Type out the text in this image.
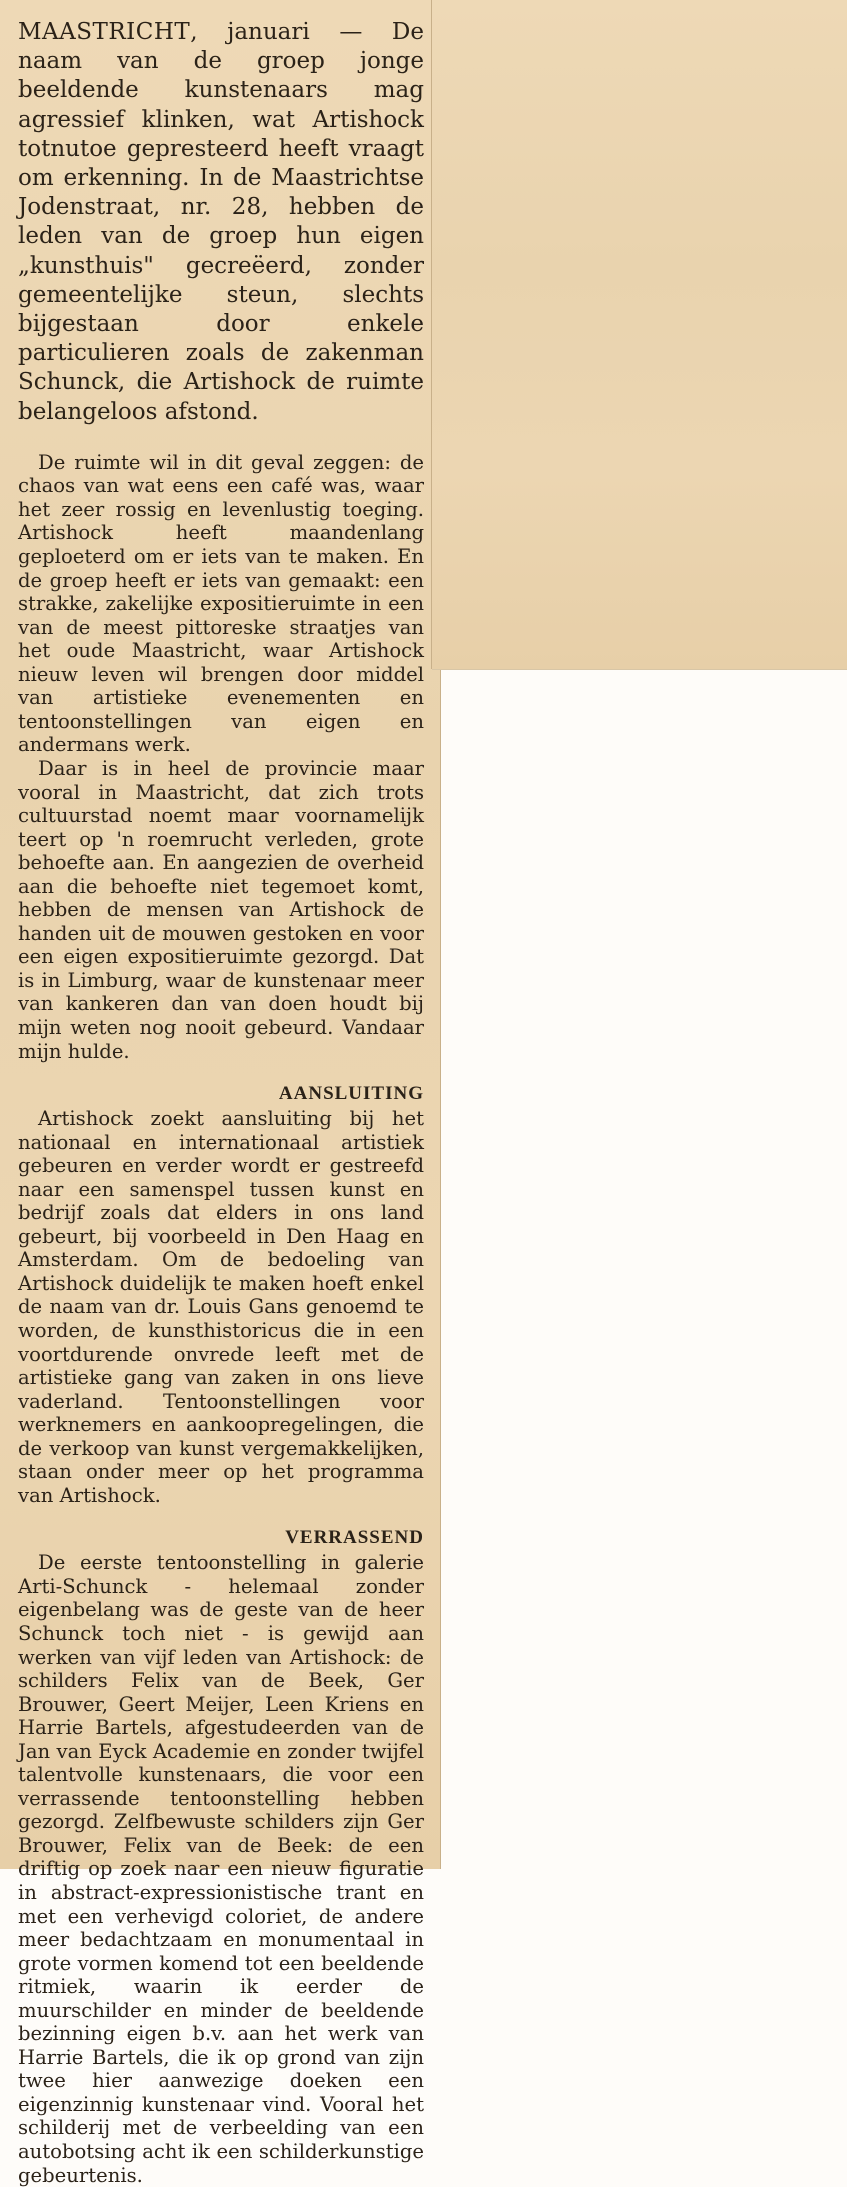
MAASTRICHT, januari — De naam van de groep jonge beeldende kunstenaars mag agressief klinken, wat Artishock totnutoe gepresteerd heeft vraagt om erkenning. In de Maastrichtse Jodenstraat, nr. 28, hebben de leden van de groep hun eigen „kunsthuis" gecreëerd, zonder gemeentelijke steun, slechts bijgestaan door enkele particulieren zoals de zakenman Schunck, die Artishock de ruimte belangeloos afstond.

De ruimte wil in dit geval zeggen: de chaos van wat eens een café was, waar het zeer rossig en levenlustig toeging. Artishock heeft maandenlang geploeterd om er iets van te maken. En de groep heeft er iets van gemaakt: een strakke, zakelijke expositieruimte in een van de meest pittoreske straatjes van het oude Maastricht, waar Artishock nieuw leven wil brengen door middel van artistieke evenementen en tentoonstellingen van eigen en andermans werk.

Daar is in heel de provincie maar vooral in Maastricht, dat zich trots cultuurstad noemt maar voornamelijk teert op 'n roemrucht verleden, grote behoefte aan. En aangezien de overheid aan die behoefte niet tegemoet komt, hebben de mensen van Artishock de handen uit de mouwen gestoken en voor een eigen expositieruimte gezorgd. Dat is in Limburg, waar de kunstenaar meer van kankeren dan van doen houdt bij mijn weten nog nooit gebeurd. Vandaar mijn hulde.

AANSLUITING

Artishock zoekt aansluiting bij het nationaal en internationaal artistiek gebeuren en verder wordt er gestreefd naar een samenspel tussen kunst en bedrijf zoals dat elders in ons land gebeurt, bij voorbeeld in Den Haag en Amsterdam. Om de bedoeling van Artishock duidelijk te maken hoeft enkel de naam van dr. Louis Gans genoemd te worden, de kunsthistoricus die in een voortdurende onvrede leeft met de artistieke gang van zaken in ons lieve vaderland. Tentoonstellingen voor werknemers en aankoopregelingen, die de verkoop van kunst vergemakkelijken, staan onder meer op het programma van Artishock.

VERRASSEND

De eerste tentoonstelling in galerie Arti-Schunck - helemaal zonder eigenbelang was de geste van de heer Schunck toch niet - is gewijd aan werken van vijf leden van Artishock: de schilders Felix van de Beek, Ger Brouwer, Geert Meijer, Leen Kriens en Harrie Bartels, afgestudeerden van de Jan van Eyck Academie en zonder twijfel talentvolle kunstenaars, die voor een verrassende tentoonstelling hebben gezorgd. Zelfbewuste schilders zijn Ger Brouwer, Felix van de Beek: de een driftig op zoek naar een nieuw figuratie in abstract-expressionistische trant en met een verhevigd coloriet, de andere meer bedachtzaam en monumentaal in grote vormen komend tot een beeldende ritmiek, waarin ik eerder de muurschilder en minder de beeldende bezinning eigen b.v. aan het werk van Harrie Bartels, die ik op grond van zijn twee hier aanwezige doeken een eigenzinnig kunstenaar vind. Vooral het schilderij met de verbeelding van een autobotsing acht ik een schilderkunstige gebeurtenis.
